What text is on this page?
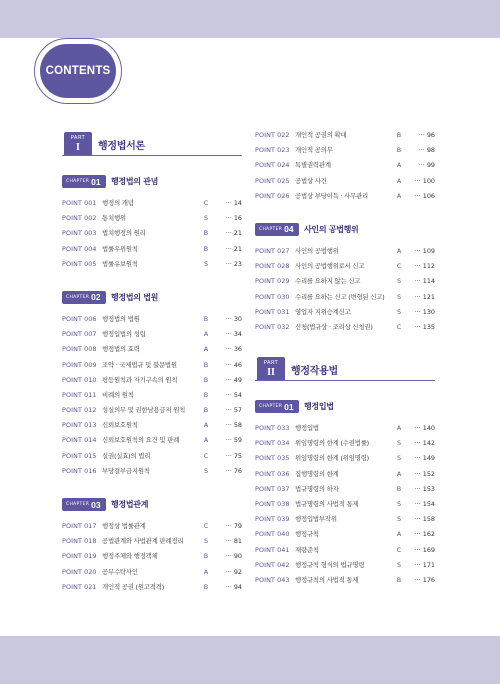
CONTENTS
PART
I	행정법서론
CHAPTER 01 행정법의 관념
POINT 001 행정의 개념	C	··· 14
POINT 002 통치행위	S	··· 16
POINT 003 법치행정의 원리	B	··· 21
POINT 004 법률우위원칙	B	··· 21
POINT 005 법률유보원칙	S	··· 23
CHAPTER 02 행정법의 법원
POINT 006 행정법의 법원	B	··· 30
POINT 007 행정입법의 성립	A	··· 34
POINT 008 행정법의 효력	A	··· 36
POINT 009 조약 · 국제법규 및 불문법원	B	··· 46
POINT 010 평등원칙과 자기구속의 원칙	B	··· 49
POINT 011 비례의 원칙	B	··· 54
POINT 012 성실의무 및 권한남용금지 원칙	B	··· 57
POINT 013 신뢰보호원칙	A	··· 58
POINT 014 신뢰보호원칙의 요건 및 판례	A	··· 59
POINT 015 실권(실효)의 법리	C	··· 75
POINT 016 부당결부금지원칙	S	··· 76
CHAPTER 03 행정법관계
POINT 017 행정상 법률관계	C	··· 79
POINT 018 공법관계와 사법관계 판례정리	S	··· 81
POINT 019 행정주체와 행정객체	B	··· 90
POINT 020 공무수탁사인	A	··· 92
POINT 021 개인적 공권 (원고적격)	B	··· 94
POINT 022 개인적 공권의 확대	B	··· 96
POINT 023 개인적 공의무	B	··· 98
POINT 024 특별권력관계	A	··· 99
POINT 025 공법상 사건	A ··· 100
POINT 026 공법상 부당이득 · 사무관리	A ··· 106
CHAPTER 04 사인의 공법행위
POINT 027 사인의 공법행위	A ··· 109
POINT 028 사인의 공법행위로서 신고	C ··· 112
POINT 029 수리를 요하지 않는 신고	S	··· 114
POINT 030 수리를 요하는 신고 (변형된 신고)	S	··· 121
POINT 031 영업자 지위승계신고	S	··· 130
POINT 032 신청(법규상 · 조리상 신청권)	C ··· 135
PART
II	행정작용법
CHAPTER 01 행정입법
POINT 033 행정입법	A ··· 140
POINT 034 위임명령의 한계 (수권법률)	S	··· 142
POINT 035 위임명령의 한계 (위임명령)	S	··· 149
POINT 036 집행명령의 한계	A ··· 152
POINT 037 법규명령의 하자	B ··· 153
POINT 038 법규명령의 사법적 통제	S	··· 154
POINT 039 행정입법부작위	S	··· 158
POINT 040 행정규칙	A ··· 162
POINT 041 재량준칙	C ··· 169
POINT 042 행정규칙 형식의 법규명령	S	··· 171
POINT 043 행정규칙의 사법적 통제	B ··· 176
